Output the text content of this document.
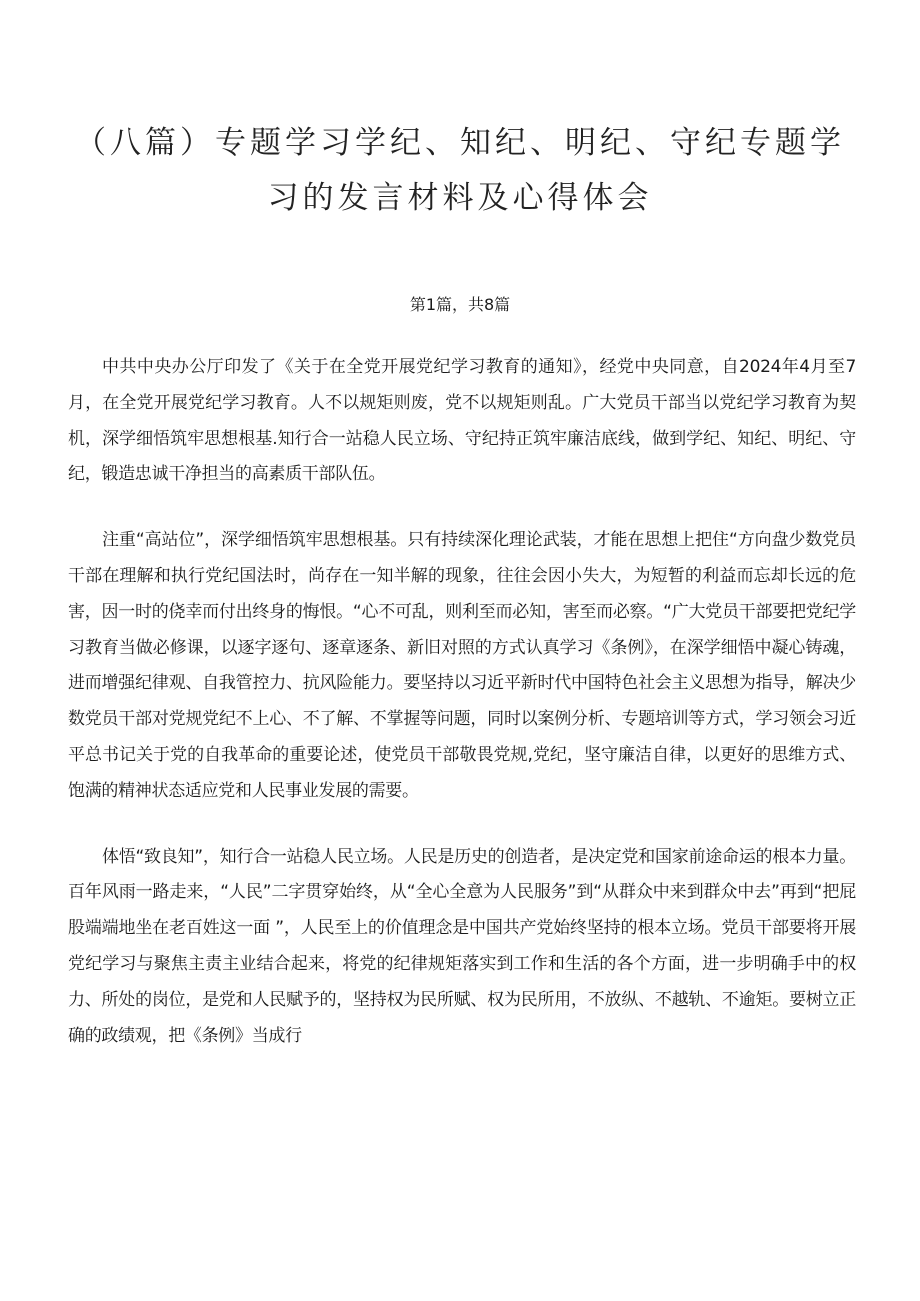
（八篇）专题学习学纪、知纪、明纪、守纪专题学习的发言材料及心得体会
第1篇，共8篇

中共中央办公厅印发了《关于在全党开展党纪学习教育的通知》，经党中央同意，自2024年4月至7月，在全党开展党纪学习教育。人不以规矩则废，党不以规矩则乱。广大党员干部当以党纪学习教育为契机，深学细悟筑牢思想根基.知行合一站稳人民立场、守纪持正筑牢廉洁底线，做到学纪、知纪、明纪、守纪，锻造忠诚干净担当的高素质干部队伍。

注重“高站位”，深学细悟筑牢思想根基。只有持续深化理论武装，才能在思想上把住“方向盘少数党员干部在理解和执行党纪国法时，尚存在一知半解的现象，往往会因小失大，为短暂的利益而忘却长远的危害，因一时的侥幸而付出终身的悔恨。“心不可乱，则利至而必知，害至而必察。“广大党员干部要把党纪学习教育当做必修课，以逐字逐句、逐章逐条、新旧对照的方式认真学习《条例》，在深学细悟中凝心铸魂，进而增强纪律观、自我管控力、抗风险能力。要坚持以习近平新时代中国特色社会主义思想为指导，解决少数党员干部对党规党纪不上心、不了解、不掌握等问题，同时以案例分析、专题培训等方式，学习领会习近平总书记关于党的自我革命的重要论述，使党员干部敬畏党规,党纪，坚守廉洁自律，以更好的思维方式、饱满的精神状态适应党和人民事业发展的需要。

体悟“致良知”，知行合一站稳人民立场。人民是历史的创造者，是决定党和国家前途命运的根本力量。百年风雨一路走来，“人民”二字贯穿始终，从“全心全意为人民服务”到“从群众中来到群众中去”再到“把屁股端端地坐在老百姓这一面 ”，人民至上的价值理念是中国共产党始终坚持的根本立场。党员干部要将开展党纪学习与聚焦主责主业结合起来，将党的纪律规矩落实到工作和生活的各个方面，进一步明确手中的权力、所处的岗位，是党和人民赋予的，坚持权为民所赋、权为民所用，不放纵、不越轨、不逾矩。要树立正确的政绩观，把《条例》当成行
